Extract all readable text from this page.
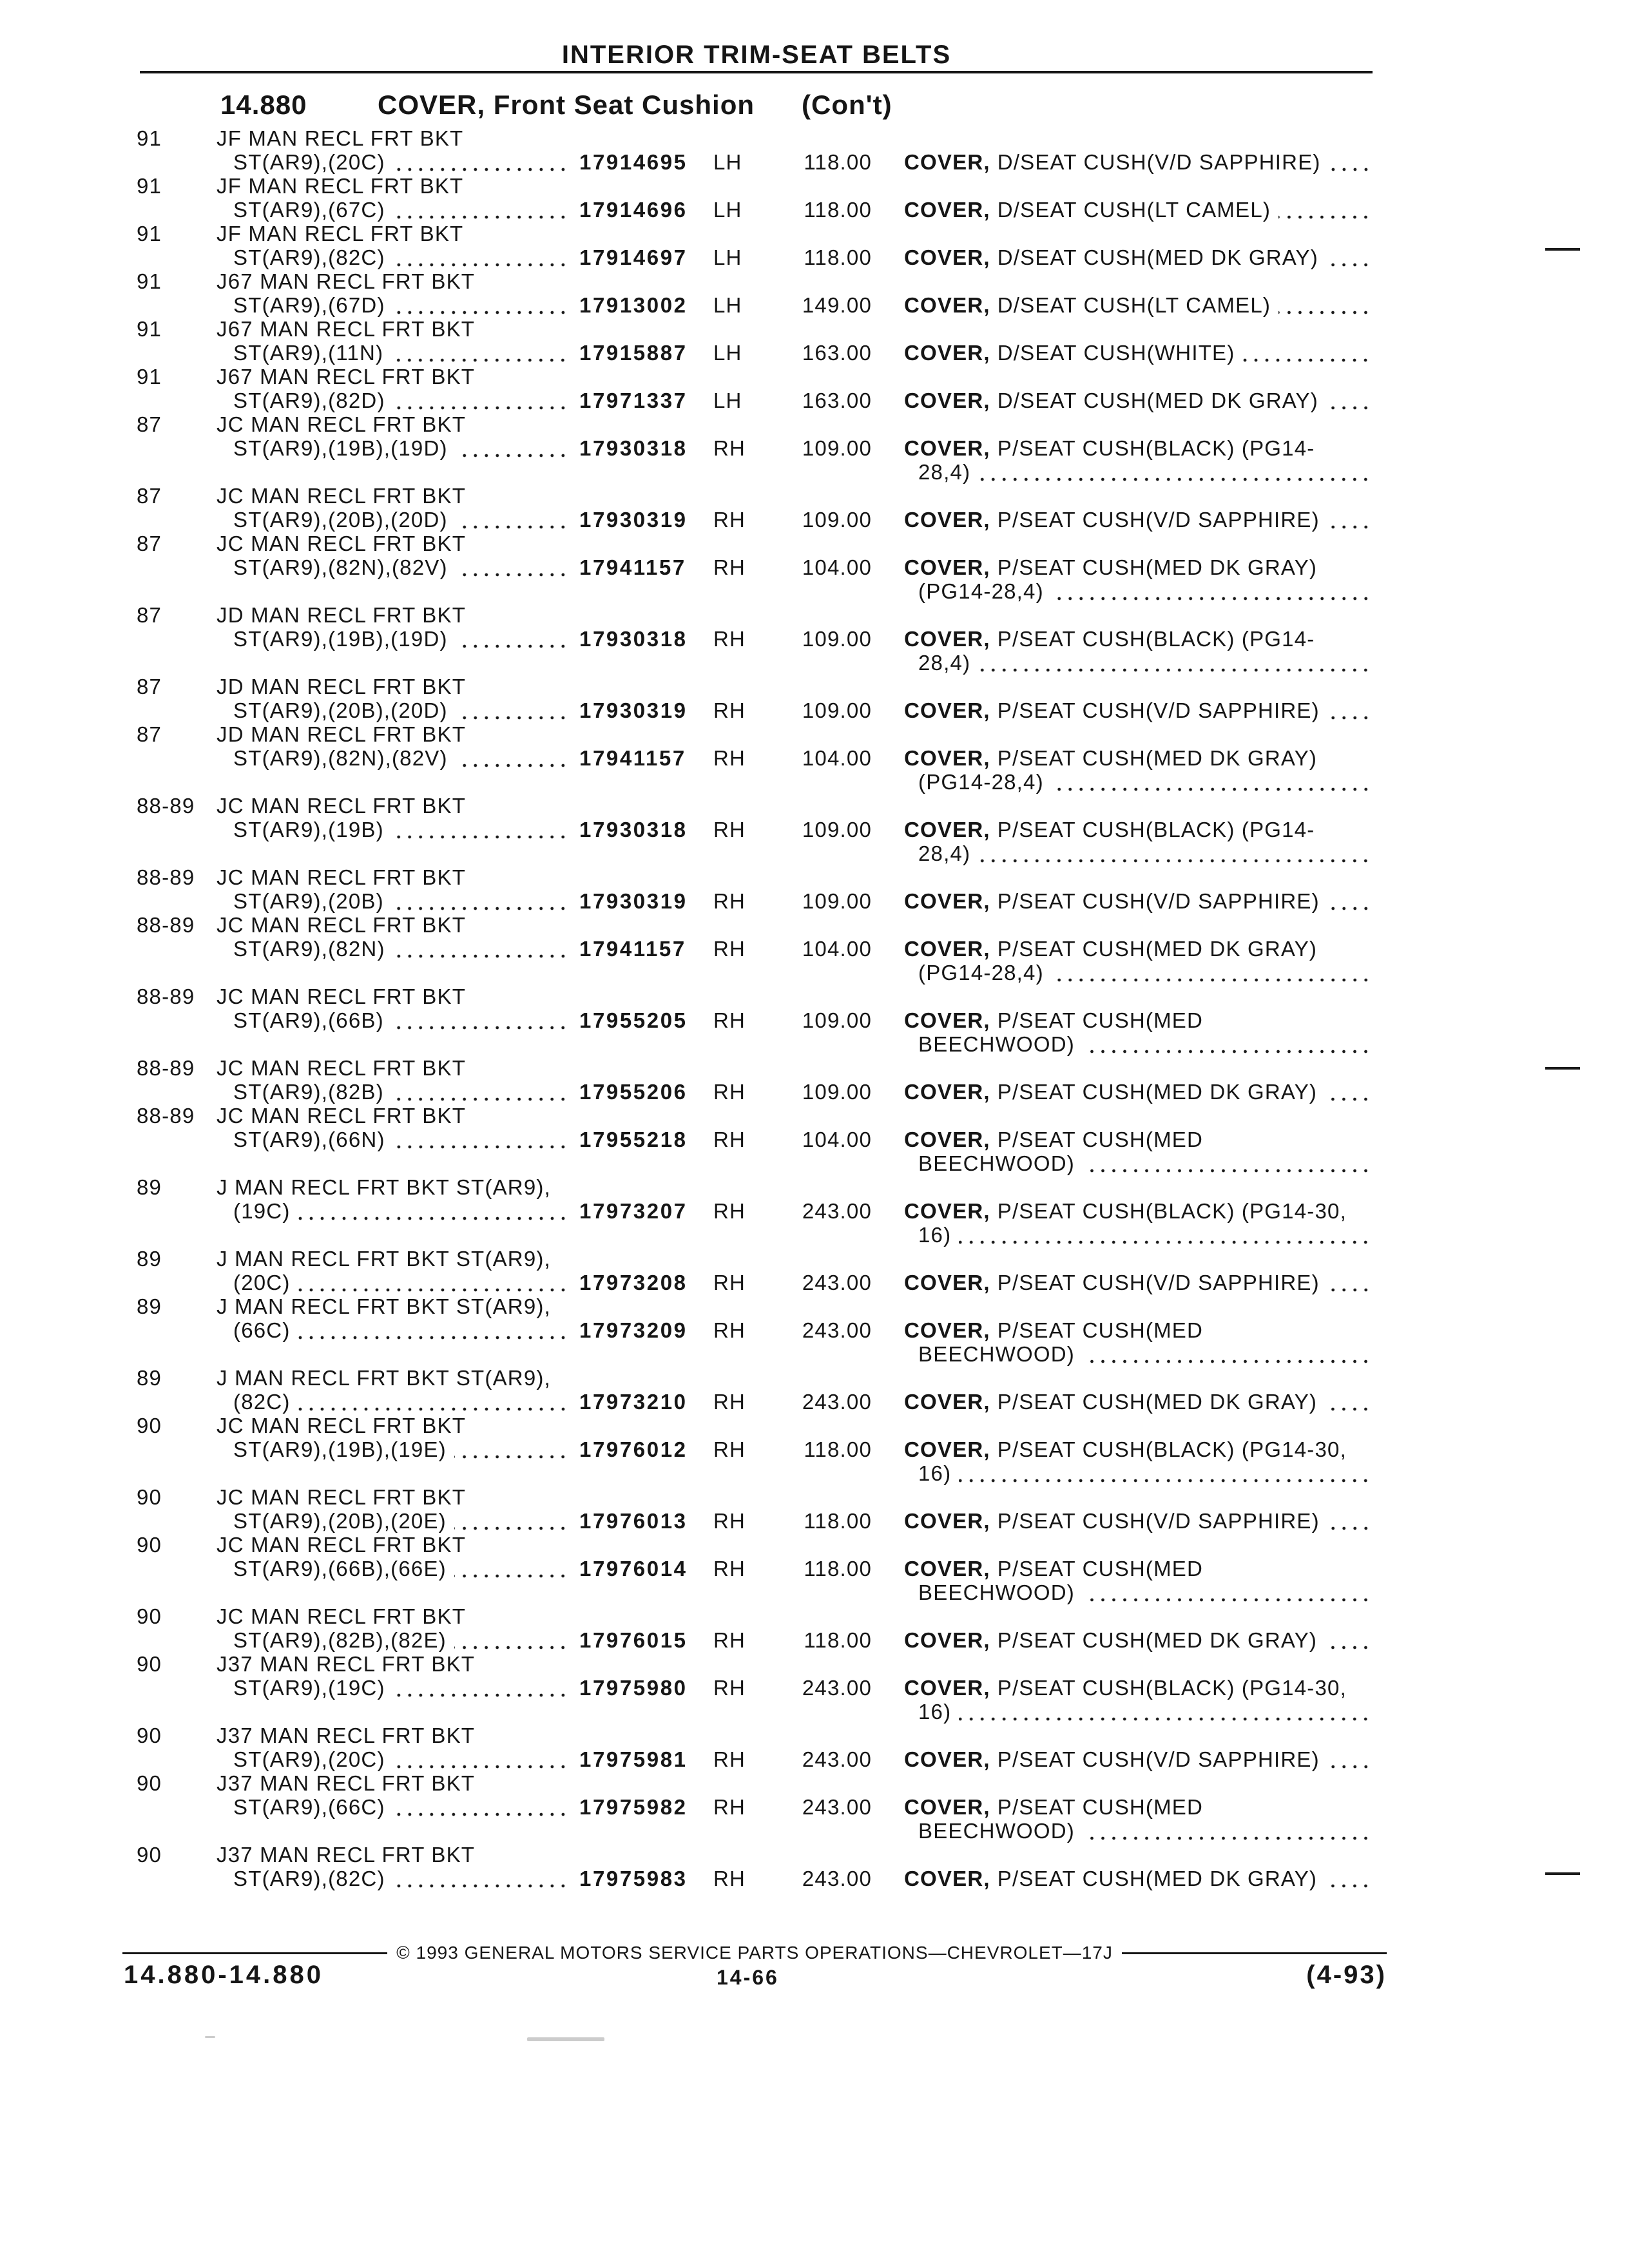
INTERIOR TRIM-SEAT BELTS
14.880	COVER, Front Seat Cushion (Con't)
91	JF MAN RECL FRT BKT
ST(AR9),(20C)	17914695 LH	118.00 COVER, D/SEAT CUSH(V/D SAPPHIRE)
91	JF MAN RECL FRT BKT
ST(AR9),(67C)	17914696 LH	118.00 COVER, D/SEAT CUSH(LT CAMEL)
91	JF MAN RECL FRT BKT
ST(AR9),(82C)	17914697 LH	118.00 COVER, D/SEAT CUSH(MED DK GRAY)
91	J67 MAN RECL FRT BKT
ST(AR9),(67D)	17913002 LH	149.00 COVER, D/SEAT CUSH(LT CAMEL)
91	J67 MAN RECL FRT BKT
ST(AR9),(11N)	17915887 LH	163.00 COVER, D/SEAT CUSH(WHITE)
91	J67 MAN RECL FRT BKT
ST(AR9),(82D)	17971337 LH	163.00 COVER, D/SEAT CUSH(MED DK GRAY)
87	JC MAN RECL FRT BKT
ST(AR9),(19B),(19D)	17930318 RH	109.00 COVER, P/SEAT CUSH(BLACK) (PG14-
28,4)
87	JC MAN RECL FRT BKT
ST(AR9),(20B),(20D)	17930319 RH	109.00 COVER, P/SEAT CUSH(V/D SAPPHIRE)
87	JC MAN RECL FRT BKT
ST(AR9),(82N),(82V)	17941157 RH	104.00 COVER, P/SEAT CUSH(MED DK GRAY)
(PG14-28,4)
87	JD MAN RECL FRT BKT
ST(AR9),(19B),(19D)	17930318 RH	109.00 COVER, P/SEAT CUSH(BLACK) (PG14-
28,4)
87	JD MAN RECL FRT BKT
ST(AR9),(20B),(20D)	17930319 RH	109.00 COVER, P/SEAT CUSH(V/D SAPPHIRE)
87	JD MAN RECL FRT BKT
ST(AR9),(82N),(82V)	17941157 RH	104.00 COVER, P/SEAT CUSH(MED DK GRAY)
(PG14-28,4)
88-89 JC MAN RECL FRT BKT
ST(AR9),(19B)	17930318 RH	109.00 COVER, P/SEAT CUSH(BLACK) (PG14-
28,4)
88-89 JC MAN RECL FRT BKT
ST(AR9),(20B)	17930319 RH	109.00 COVER, P/SEAT CUSH(V/D SAPPHIRE)
88-89 JC MAN RECL FRT BKT
ST(AR9),(82N)	17941157 RH	104.00 COVER, P/SEAT CUSH(MED DK GRAY)
(PG14-28,4)
88-89 JC MAN RECL FRT BKT
ST(AR9),(66B)	17955205 RH	109.00 COVER, P/SEAT CUSH(MED
BEECHWOOD)
88-89 JC MAN RECL FRT BKT
ST(AR9),(82B)	17955206 RH	109.00 COVER, P/SEAT CUSH(MED DK GRAY)
88-89 JC MAN RECL FRT BKT
ST(AR9),(66N)	17955218 RH	104.00 COVER, P/SEAT CUSH(MED
BEECHWOOD)
89	J MAN RECL FRT BKT ST(AR9),
(19C)	17973207 RH	243.00 COVER, P/SEAT CUSH(BLACK) (PG14-30,
16)
89	J MAN RECL FRT BKT ST(AR9),
(20C)	17973208 RH	243.00 COVER, P/SEAT CUSH(V/D SAPPHIRE)
89	J MAN RECL FRT BKT ST(AR9),
(66C)	17973209 RH	243.00 COVER, P/SEAT CUSH(MED
BEECHWOOD)
89	J MAN RECL FRT BKT ST(AR9),
(82C)	17973210 RH	243.00 COVER, P/SEAT CUSH(MED DK GRAY)
90	JC MAN RECL FRT BKT
ST(AR9),(19B),(19E)	17976012 RH	118.00 COVER, P/SEAT CUSH(BLACK) (PG14-30,
16)
90	JC MAN RECL FRT BKT
ST(AR9),(20B),(20E)	17976013 RH	118.00 COVER, P/SEAT CUSH(V/D SAPPHIRE)
90	JC MAN RECL FRT BKT
ST(AR9),(66B),(66E)	17976014 RH	118.00 COVER, P/SEAT CUSH(MED
BEECHWOOD)
90	JC MAN RECL FRT BKT
ST(AR9),(82B),(82E)	17976015 RH	118.00 COVER, P/SEAT CUSH(MED DK GRAY)
90	J37 MAN RECL FRT BKT
ST(AR9),(19C)	17975980 RH	243.00 COVER, P/SEAT CUSH(BLACK) (PG14-30,
16)
90	J37 MAN RECL FRT BKT
ST(AR9),(20C)	17975981 RH	243.00 COVER, P/SEAT CUSH(V/D SAPPHIRE)
90	J37 MAN RECL FRT BKT
ST(AR9),(66C)	17975982 RH	243.00 COVER, P/SEAT CUSH(MED
BEECHWOOD)
90	J37 MAN RECL FRT BKT
ST(AR9),(82C)	17975983 RH	243.00 COVER, P/SEAT CUSH(MED DK GRAY)
© 1993 GENERAL MOTORS SERVICE PARTS OPERATIONS—CHEVROLET—17J
14.880-14.880	14-66	(4-93)
